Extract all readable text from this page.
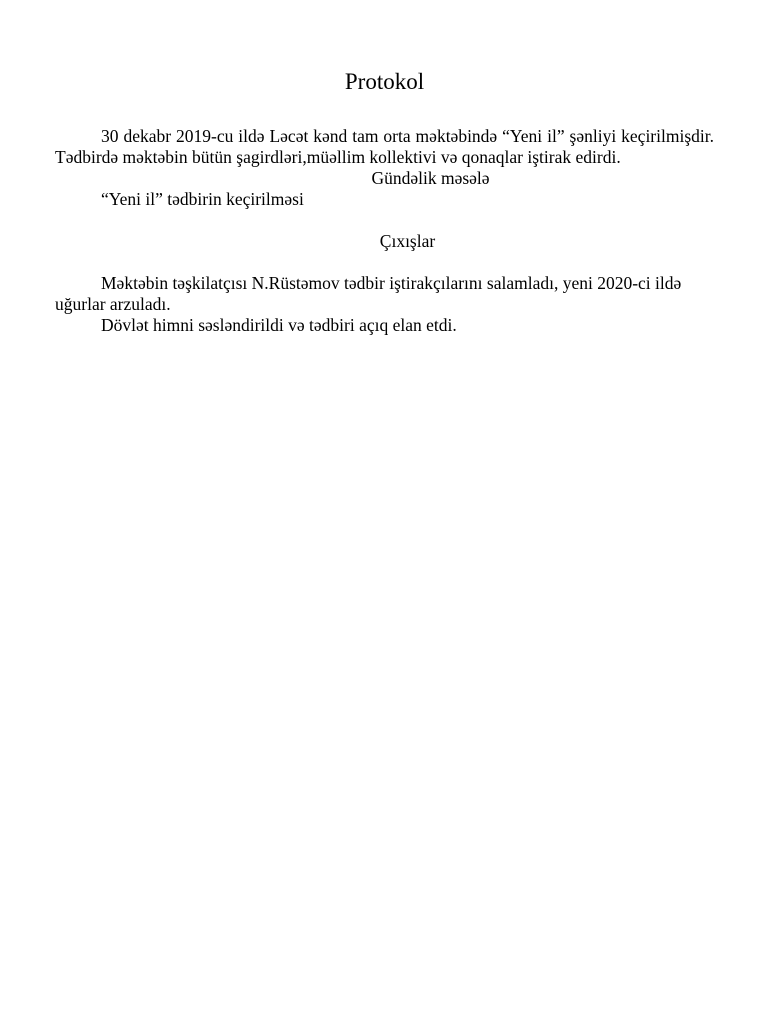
Protokol

30 dekabr 2019-cu ildə Ləcət kənd tam orta məktəbində “Yeni il” şənliyi keçirilmişdir. Tədbirdə məktəbin bütün şagirdləri,müəllim kollektivi və qonaqlar iştirak edirdi.

Gündəlik məsələ

“Yeni il” tədbirin keçirilməsi

Çıxışlar

Məktəbin təşkilatçısı N.Rüstəmov tədbir iştirakçılarını salamladı, yeni 2020-ci ildə uğurlar arzuladı.

Dövlət himni səsləndirildi və tədbiri açıq elan etdi.
